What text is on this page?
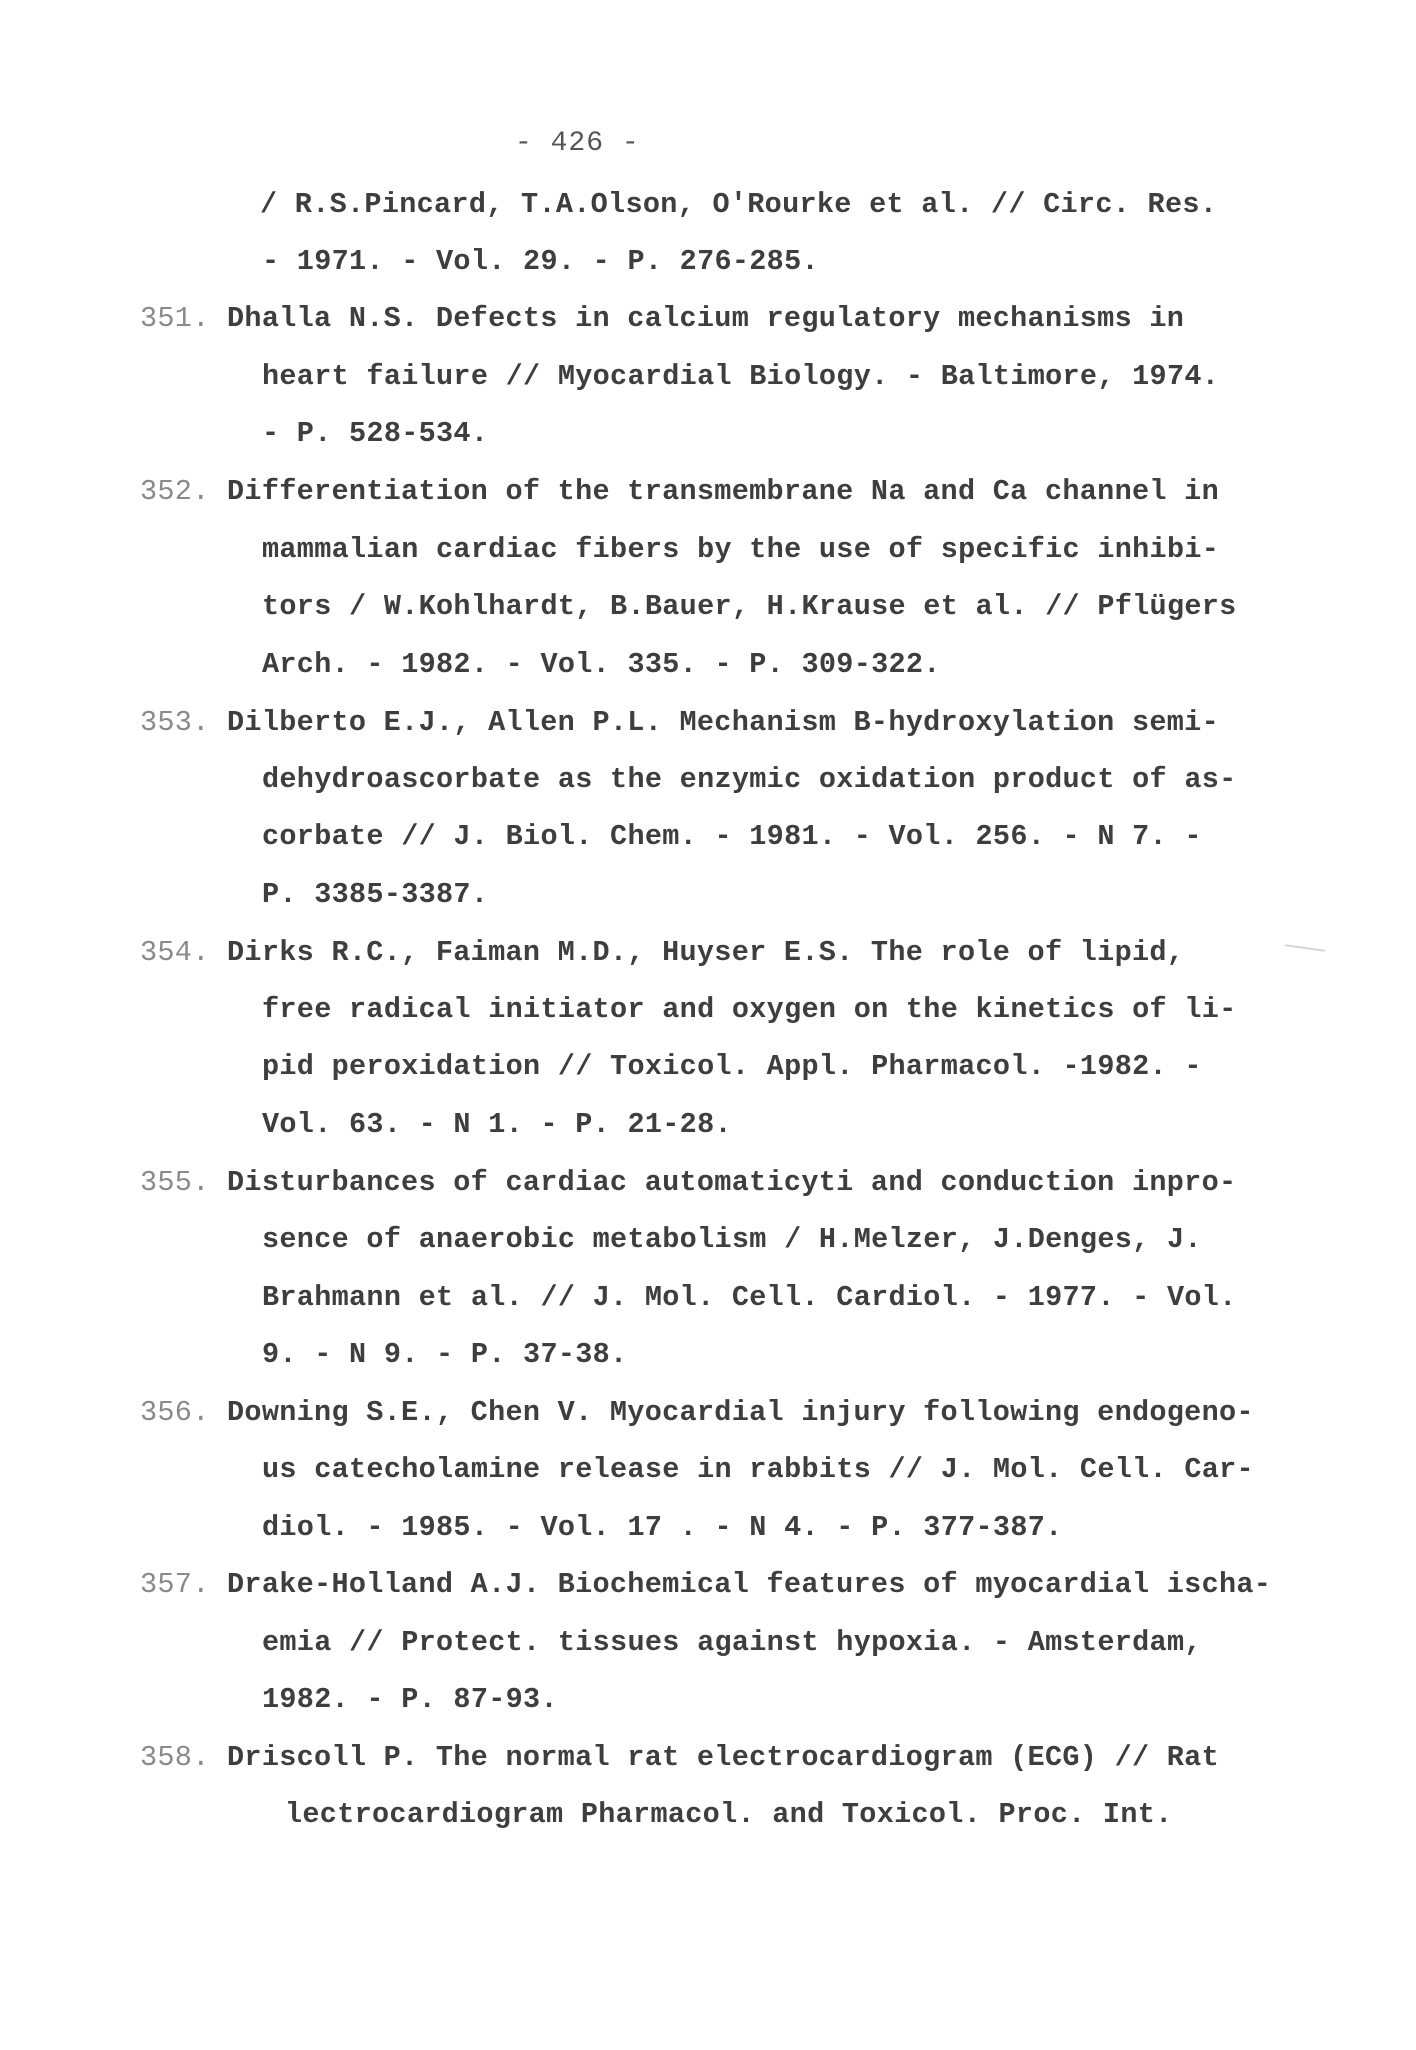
- 426 -
/ R.S.Pincard, T.A.Olson, O'Rourke et al. // Circ. Res.
- 1971. - Vol. 29. - P. 276-285.
351. Dhalla N.S. Defects in calcium regulatory mechanisms in
heart failure // Myocardial Biology. - Baltimore, 1974.
- P. 528-534.
352. Differentiation of the transmembrane Na and Ca channel in
mammalian cardiac fibers by the use of specific inhibi-
tors / W.Kohlhardt, B.Bauer, H.Krause et al. // Pflügers
Arch. - 1982. - Vol. 335. - P. 309-322.
353. Dilberto E.J., Allen P.L. Mechanism B-hydroxylation semi-
dehydroascorbate as the enzymic oxidation product of as-
corbate // J. Biol. Chem. - 1981. - Vol. 256. - N 7. -
P. 3385-3387.
354. Dirks R.C., Faiman M.D., Huyser E.S. The role of lipid,
free radical initiator and oxygen on the kinetics of li-
pid peroxidation // Toxicol. Appl. Pharmacol. -1982. -
Vol. 63. - N 1. - P. 21-28.
355. Disturbances of cardiac automaticyti and conduction inpro-
sence of anaerobic metabolism / H.Melzer, J.Denges, J.
Brahmann et al. // J. Mol. Cell. Cardiol. - 1977. - Vol.
9. - N 9. - P. 37-38.
356. Downing S.E., Chen V. Myocardial injury following endogeno-
us catecholamine release in rabbits // J. Mol. Cell. Car-
diol. - 1985. - Vol. 17 . - N 4. - P. 377-387.
357. Drake-Holland A.J. Biochemical features of myocardial ischa-
emia // Protect. tissues against hypoxia. - Amsterdam,
1982. - P. 87-93.
358. Driscoll P. The normal rat electrocardiogram (ECG) // Rat
lectrocardiogram Pharmacol. and Toxicol. Proc. Int.
